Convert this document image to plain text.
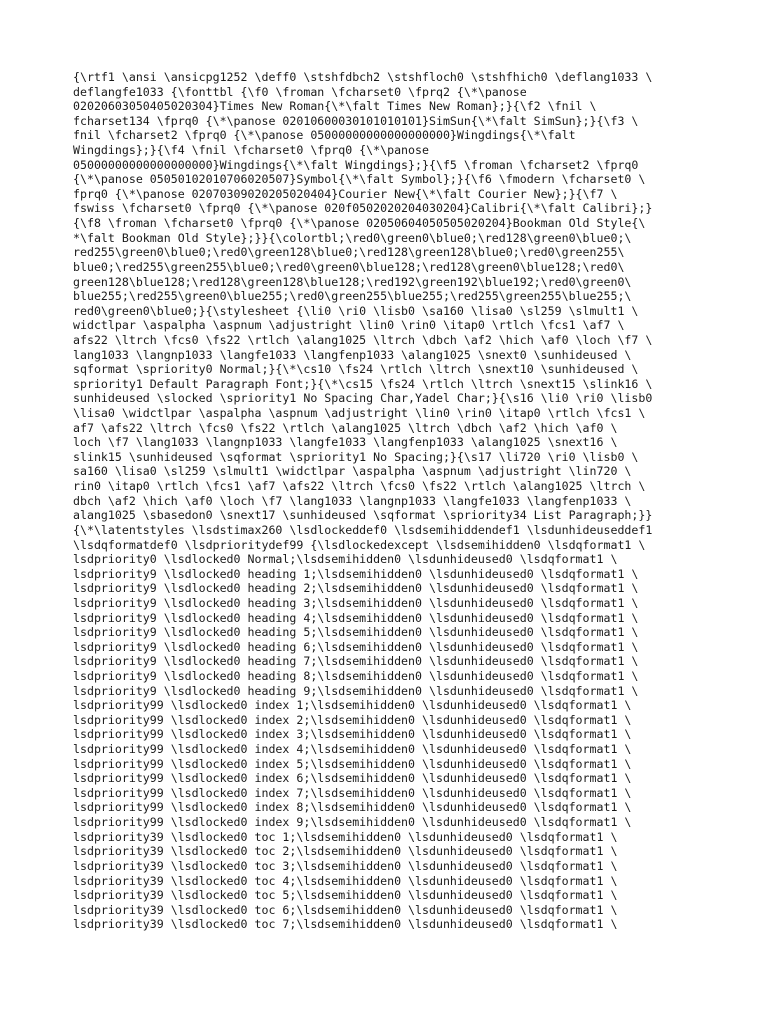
{\rtf1 \ansi \ansicpg1252 \deff0 \stshfdbch2 \stshfloch0 \stshfhich0 \deflang1033 \
deflangfe1033 {\fonttbl {\f0 \froman \fcharset0 \fprq2 {\*\panose
02020603050405020304}Times New Roman{\*\falt Times New Roman};}{\f2 \fnil \
fcharset134 \fprq0 {\*\panose 02010600030101010101}SimSun{\*\falt SimSun};}{\f3 \
fnil \fcharset2 \fprq0 {\*\panose 05000000000000000000}Wingdings{\*\falt
Wingdings};}{\f4 \fnil \fcharset0 \fprq0 {\*\panose
05000000000000000000}Wingdings{\*\falt Wingdings};}{\f5 \froman \fcharset2 \fprq0
{\*\panose 05050102010706020507}Symbol{\*\falt Symbol};}{\f6 \fmodern \fcharset0 \
fprq0 {\*\panose 02070309020205020404}Courier New{\*\falt Courier New};}{\f7 \
fswiss \fcharset0 \fprq0 {\*\panose 020f0502020204030204}Calibri{\*\falt Calibri};}
{\f8 \froman \fcharset0 \fprq0 {\*\panose 02050604050505020204}Bookman Old Style{\
*\falt Bookman Old Style};}}{\colortbl;\red0\green0\blue0;\red128\green0\blue0;\
red255\green0\blue0;\red0\green128\blue0;\red128\green128\blue0;\red0\green255\
blue0;\red255\green255\blue0;\red0\green0\blue128;\red128\green0\blue128;\red0\
green128\blue128;\red128\green128\blue128;\red192\green192\blue192;\red0\green0\
blue255;\red255\green0\blue255;\red0\green255\blue255;\red255\green255\blue255;\
red0\green0\blue0;}{\stylesheet {\li0 \ri0 \lisb0 \sa160 \lisa0 \sl259 \slmult1 \
widctlpar \aspalpha \aspnum \adjustright \lin0 \rin0 \itap0 \rtlch \fcs1 \af7 \
afs22 \ltrch \fcs0 \fs22 \rtlch \alang1025 \ltrch \dbch \af2 \hich \af0 \loch \f7 \
lang1033 \langnp1033 \langfe1033 \langfenp1033 \alang1025 \snext0 \sunhideused \
sqformat \spriority0 Normal;}{\*\cs10 \fs24 \rtlch \ltrch \snext10 \sunhideused \
spriority1 Default Paragraph Font;}{\*\cs15 \fs24 \rtlch \ltrch \snext15 \slink16 \
sunhideused \slocked \spriority1 No Spacing Char,Yadel Char;}{\s16 \li0 \ri0 \lisb0
\lisa0 \widctlpar \aspalpha \aspnum \adjustright \lin0 \rin0 \itap0 \rtlch \fcs1 \
af7 \afs22 \ltrch \fcs0 \fs22 \rtlch \alang1025 \ltrch \dbch \af2 \hich \af0 \
loch \f7 \lang1033 \langnp1033 \langfe1033 \langfenp1033 \alang1025 \snext16 \
slink15 \sunhideused \sqformat \spriority1 No Spacing;}{\s17 \li720 \ri0 \lisb0 \
sa160 \lisa0 \sl259 \slmult1 \widctlpar \aspalpha \aspnum \adjustright \lin720 \
rin0 \itap0 \rtlch \fcs1 \af7 \afs22 \ltrch \fcs0 \fs22 \rtlch \alang1025 \ltrch \
dbch \af2 \hich \af0 \loch \f7 \lang1033 \langnp1033 \langfe1033 \langfenp1033 \
alang1025 \sbasedon0 \snext17 \sunhideused \sqformat \spriority34 List Paragraph;}}
{\*\latentstyles \lsdstimax260 \lsdlockeddef0 \lsdsemihiddendef1 \lsdunhideuseddef1
\lsdqformatdef0 \lsdprioritydef99 {\lsdlockedexcept \lsdsemihidden0 \lsdqformat1 \
lsdpriority0 \lsdlocked0 Normal;\lsdsemihidden0 \lsdunhideused0 \lsdqformat1 \
lsdpriority9 \lsdlocked0 heading 1;\lsdsemihidden0 \lsdunhideused0 \lsdqformat1 \
lsdpriority9 \lsdlocked0 heading 2;\lsdsemihidden0 \lsdunhideused0 \lsdqformat1 \
lsdpriority9 \lsdlocked0 heading 3;\lsdsemihidden0 \lsdunhideused0 \lsdqformat1 \
lsdpriority9 \lsdlocked0 heading 4;\lsdsemihidden0 \lsdunhideused0 \lsdqformat1 \
lsdpriority9 \lsdlocked0 heading 5;\lsdsemihidden0 \lsdunhideused0 \lsdqformat1 \
lsdpriority9 \lsdlocked0 heading 6;\lsdsemihidden0 \lsdunhideused0 \lsdqformat1 \
lsdpriority9 \lsdlocked0 heading 7;\lsdsemihidden0 \lsdunhideused0 \lsdqformat1 \
lsdpriority9 \lsdlocked0 heading 8;\lsdsemihidden0 \lsdunhideused0 \lsdqformat1 \
lsdpriority9 \lsdlocked0 heading 9;\lsdsemihidden0 \lsdunhideused0 \lsdqformat1 \
lsdpriority99 \lsdlocked0 index 1;\lsdsemihidden0 \lsdunhideused0 \lsdqformat1 \
lsdpriority99 \lsdlocked0 index 2;\lsdsemihidden0 \lsdunhideused0 \lsdqformat1 \
lsdpriority99 \lsdlocked0 index 3;\lsdsemihidden0 \lsdunhideused0 \lsdqformat1 \
lsdpriority99 \lsdlocked0 index 4;\lsdsemihidden0 \lsdunhideused0 \lsdqformat1 \
lsdpriority99 \lsdlocked0 index 5;\lsdsemihidden0 \lsdunhideused0 \lsdqformat1 \
lsdpriority99 \lsdlocked0 index 6;\lsdsemihidden0 \lsdunhideused0 \lsdqformat1 \
lsdpriority99 \lsdlocked0 index 7;\lsdsemihidden0 \lsdunhideused0 \lsdqformat1 \
lsdpriority99 \lsdlocked0 index 8;\lsdsemihidden0 \lsdunhideused0 \lsdqformat1 \
lsdpriority99 \lsdlocked0 index 9;\lsdsemihidden0 \lsdunhideused0 \lsdqformat1 \
lsdpriority39 \lsdlocked0 toc 1;\lsdsemihidden0 \lsdunhideused0 \lsdqformat1 \
lsdpriority39 \lsdlocked0 toc 2;\lsdsemihidden0 \lsdunhideused0 \lsdqformat1 \
lsdpriority39 \lsdlocked0 toc 3;\lsdsemihidden0 \lsdunhideused0 \lsdqformat1 \
lsdpriority39 \lsdlocked0 toc 4;\lsdsemihidden0 \lsdunhideused0 \lsdqformat1 \
lsdpriority39 \lsdlocked0 toc 5;\lsdsemihidden0 \lsdunhideused0 \lsdqformat1 \
lsdpriority39 \lsdlocked0 toc 6;\lsdsemihidden0 \lsdunhideused0 \lsdqformat1 \
lsdpriority39 \lsdlocked0 toc 7;\lsdsemihidden0 \lsdunhideused0 \lsdqformat1 \
